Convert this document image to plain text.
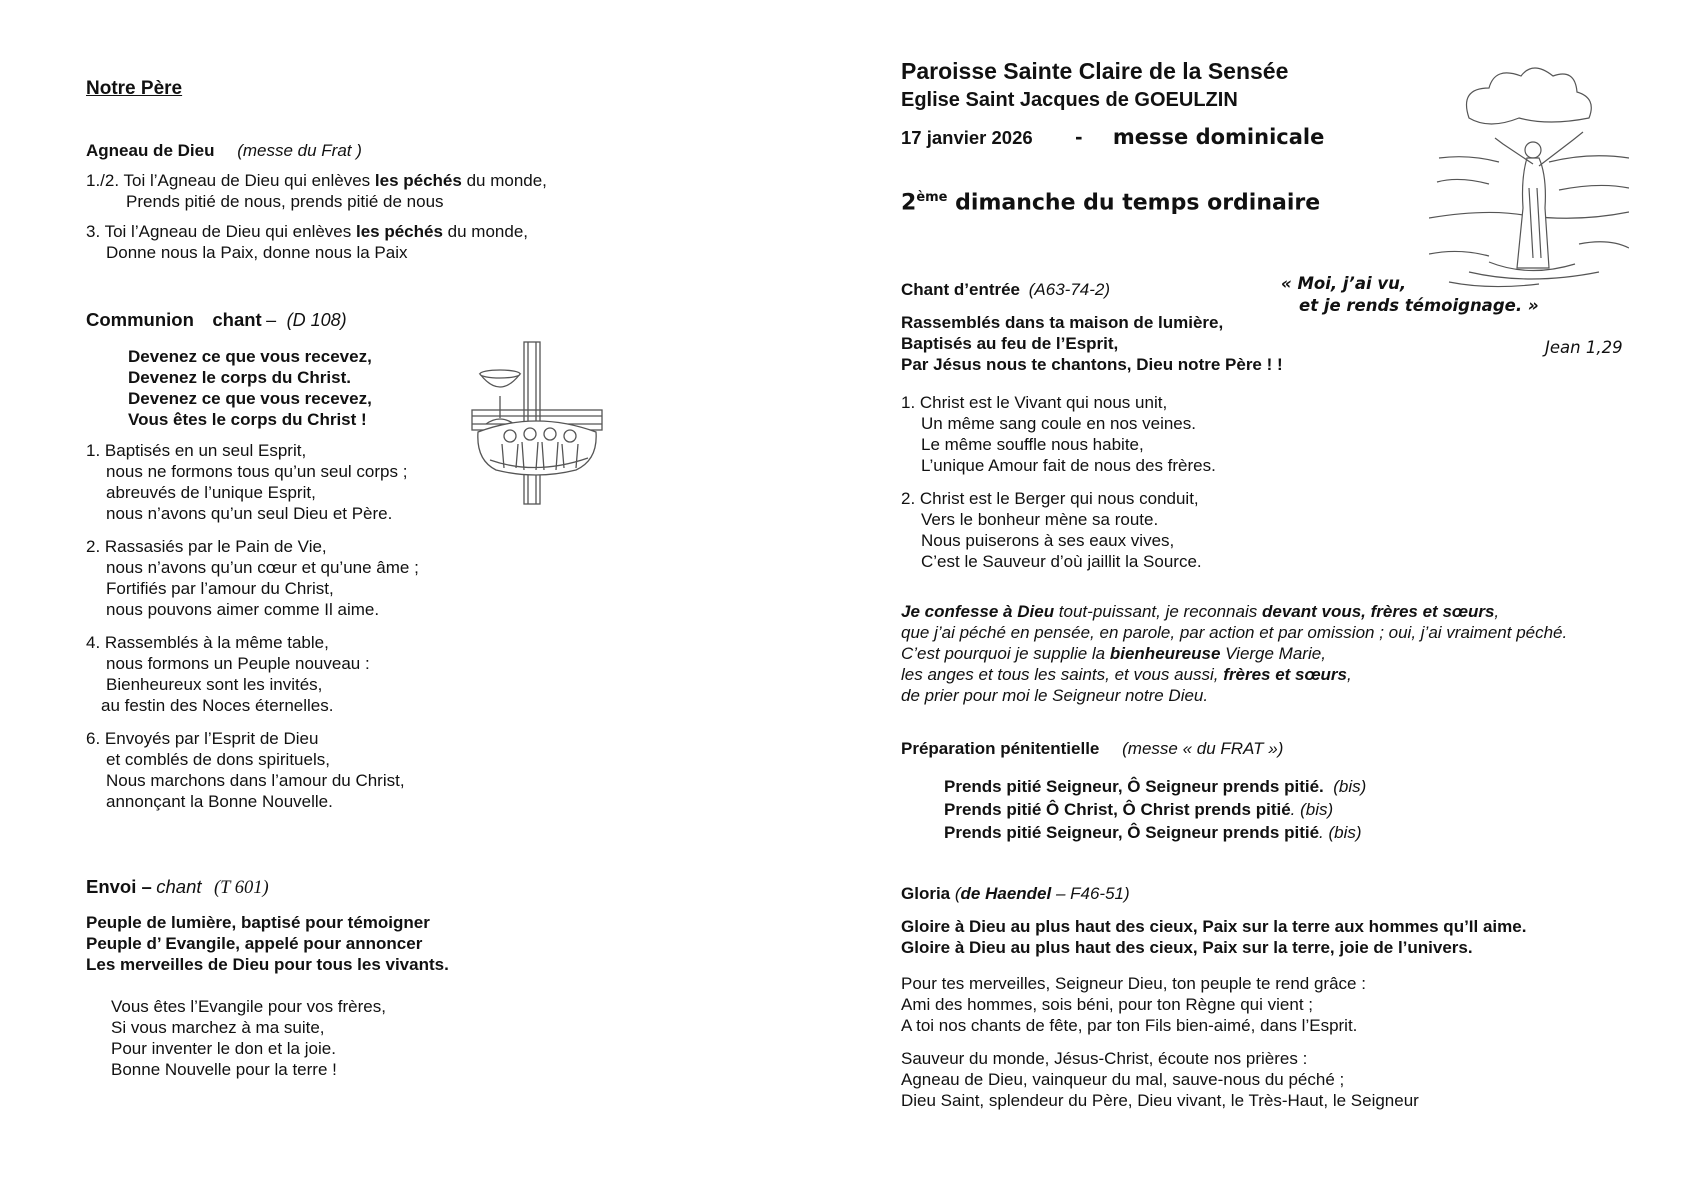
Notre Père

Agneau de Dieu (messe du Frat )

1./2. Toi l’Agneau de Dieu qui enlèves les péchés du monde,

Prends pitié de nous, prends pitié de nous

3. Toi l’Agneau de Dieu qui enlèves les péchés du monde,

Donne nous la Paix, donne nous la Paix

Communion chant – (D 108)

Devenez ce que vous recevez,

Devenez le corps du Christ.

Devenez ce que vous recevez,

Vous êtes le corps du Christ !

1. Baptisés en un seul Esprit,

nous ne formons tous qu’un seul corps ;

abreuvés de l’unique Esprit,

nous n’avons qu’un seul Dieu et Père.

2. Rassasiés par le Pain de Vie,

nous n’avons qu’un cœur et qu’une âme ;

Fortifiés par l’amour du Christ,

nous pouvons aimer comme Il aime.

4. Rassemblés à la même table,

nous formons un Peuple nouveau :

Bienheureux sont les invités,

au festin des Noces éternelles.

6. Envoyés par l’Esprit de Dieu

et comblés de dons spirituels,

Nous marchons dans l’amour du Christ,

annonçant la Bonne Nouvelle.

Envoi – chant (T 601)

Peuple de lumière, baptisé pour témoigner

Peuple d’ Evangile, appelé pour annoncer

Les merveilles de Dieu pour tous les vivants.

Vous êtes l’Evangile pour vos frères,

Si vous marchez à ma suite,

Pour inventer le don et la joie.

Bonne Nouvelle pour la terre !

Paroisse Sainte Claire de la Sensée

Eglise Saint Jacques de GOEULZIN

17 janvier 2026 - messe dominicale

2ème dimanche du temps ordinaire

« Moi, j’ai vu,

et je rends témoignage. »

Jean 1,29

Chant d’entrée (A63-74-2)

Rassemblés dans ta maison de lumière,

Baptisés au feu de l’Esprit,

Par Jésus nous te chantons, Dieu notre Père ! !

1. Christ est le Vivant qui nous unit,

Un même sang coule en nos veines.

Le même souffle nous habite,

L’unique Amour fait de nous des frères.

2. Christ est le Berger qui nous conduit,

Vers le bonheur mène sa route.

Nous puiserons à ses eaux vives,

C’est le Sauveur d’où jaillit la Source.

Je confesse à Dieu tout-puissant, je reconnais devant vous, frères et sœurs,

que j’ai péché en pensée, en parole, par action et par omission ; oui, j’ai vraiment péché.

C’est pourquoi je supplie la bienheureuse Vierge Marie,

les anges et tous les saints, et vous aussi, frères et sœurs,

de prier pour moi le Seigneur notre Dieu.

Préparation pénitentielle (messe « du FRAT »)

Prends pitié Seigneur, Ô Seigneur prends pitié. (bis)

Prends pitié Ô Christ, Ô Christ prends pitié. (bis)

Prends pitié Seigneur, Ô Seigneur prends pitié. (bis)

Gloria (de Haendel – F46-51)

Gloire à Dieu au plus haut des cieux, Paix sur la terre aux hommes qu’Il aime.

Gloire à Dieu au plus haut des cieux, Paix sur la terre, joie de l’univers.

Pour tes merveilles, Seigneur Dieu, ton peuple te rend grâce :

Ami des hommes, sois béni, pour ton Règne qui vient ;

A toi nos chants de fête, par ton Fils bien-aimé, dans l’Esprit.

Sauveur du monde, Jésus-Christ, écoute nos prières :

Agneau de Dieu, vainqueur du mal, sauve-nous du péché ;

Dieu Saint, splendeur du Père, Dieu vivant, le Très-Haut, le Seigneur
